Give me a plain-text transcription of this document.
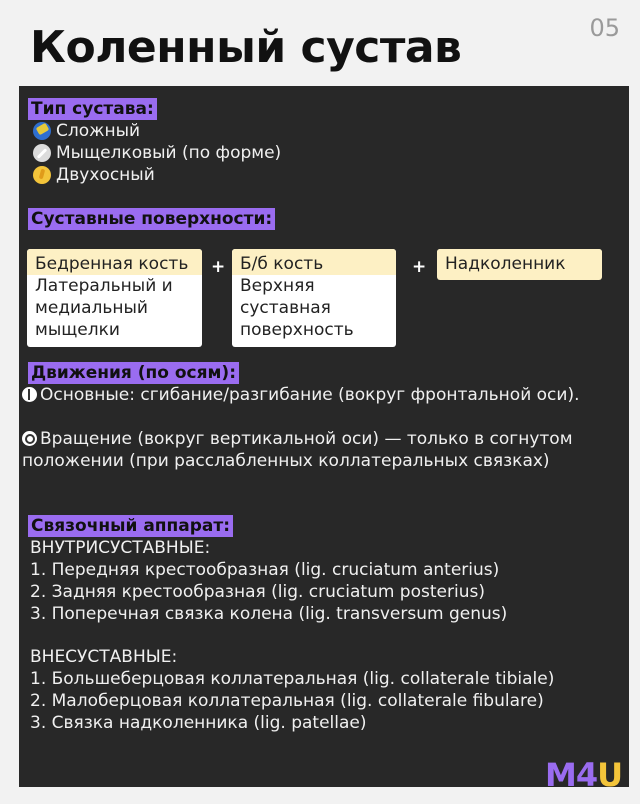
05
Коленный сустав
Тип сустава:
Сложный
Мыщелковый (по форме)
Двухосный
Суставные поверхности:
Бедренная кость
Латеральный и
медиальный
мыщелки
+ Б/б кость
Верхняя
суставная
поверхность
+	Надколенник
Движения (по осям):
Основные: сгибание/разгибание (вокруг фронтальной оси).
Вращение (вокруг вертикальной оси) — только в согнутом положении (при расслабленных коллатеральных связках)
Связочный аппарат:
ВНУТРИСУСТАВНЫЕ:
1. Передняя крестообразная (lig. cruciatum anterius)
2. Задняя крестообразная (lig. cruciatum posterius)
3. Поперечная связка колена (lig. transversum genus)
ВНЕСУСТАВНЫЕ:
1. Большеберцовая коллатеральная (lig. collaterale tibiale)
2. Малоберцовая коллатеральная (lig. collaterale fibulare)
3. Связка надколенника (lig. patellae)
M4U
